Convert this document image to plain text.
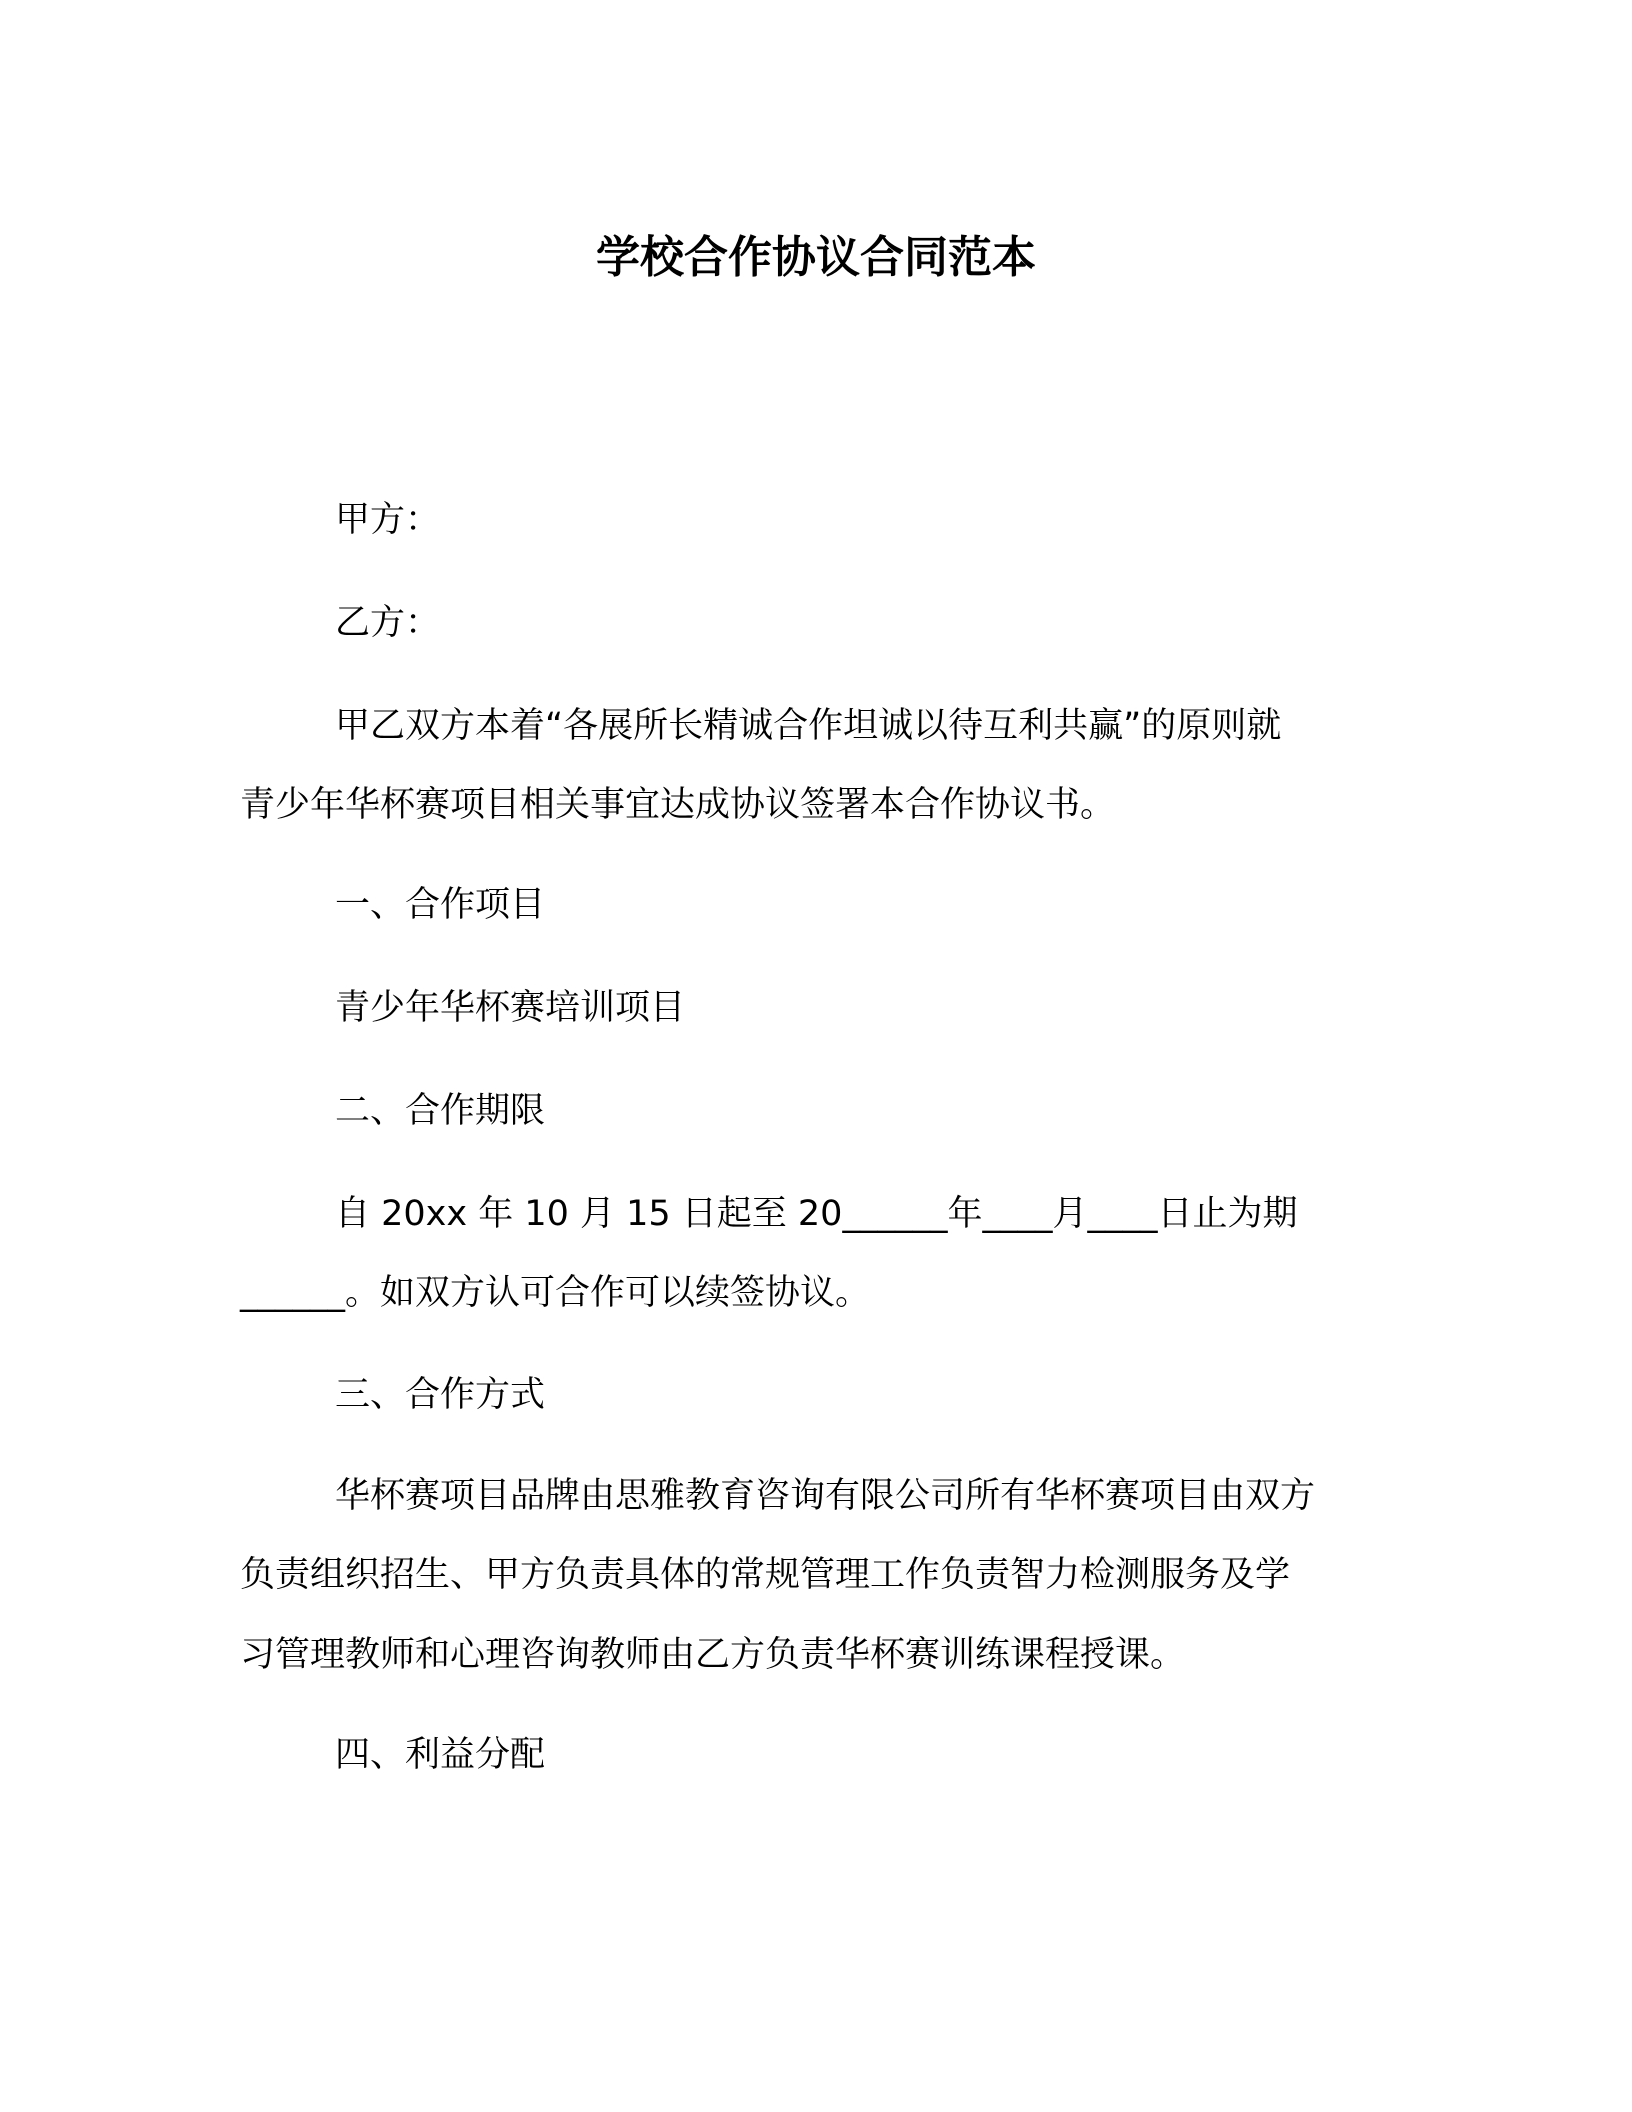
学校合作协议合同范本
甲方：
乙方：
甲乙双方本着“各展所长精诚合作坦诚以待互利共赢”的原则就
青少年华杯赛项目相关事宜达成协议签署本合作协议书。
一、合作项目
青少年华杯赛培训项目
二、合作期限
自 20xx 年 10 月 15 日起至 20______年____月____日止为期
______。如双方认可合作可以续签协议。
三、合作方式
华杯赛项目品牌由思雅教育咨询有限公司所有华杯赛项目由双方
负责组织招生、甲方负责具体的常规管理工作负责智力检测服务及学
习管理教师和心理咨询教师由乙方负责华杯赛训练课程授课。
四、利益分配
